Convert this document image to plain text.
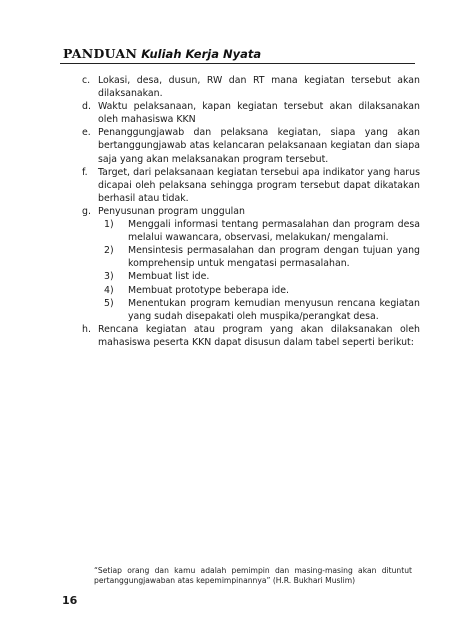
PANDUAN Kuliah Kerja Nyata
c. Lokasi, desa, dusun, RW dan RT mana kegiatan tersebut akan dilaksanakan.
d. Waktu pelaksanaan, kapan kegiatan tersebut akan dilaksanakan oleh mahasiswa KKN
e. Penanggungjawab dan pelaksana kegiatan, siapa yang akan bertanggungjawab atas kelancaran pelaksanaan kegiatan dan siapa saja yang akan melaksanakan program tersebut.
f. Target, dari pelaksanaan kegiatan tersebui apa indikator yang harus dicapai oleh pelaksana sehingga program tersebut dapat dikatakan berhasil atau tidak.
g. Penyusunan program unggulan
1) Menggali informasi tentang permasalahan dan program desa melalui wawancara, observasi, melakukan/ mengalami.
2) Mensintesis permasalahan dan program dengan tujuan yang komprehensip untuk mengatasi permasalahan.
3) Membuat list ide.
4) Membuat prototype beberapa ide.
5) Menentukan program kemudian menyusun rencana kegiatan yang sudah disepakati oleh muspika/perangkat desa.
h. Rencana kegiatan atau program yang akan dilaksanakan oleh mahasiswa peserta KKN dapat disusun dalam tabel seperti berikut:
“Setiap orang dan kamu adalah pemimpin dan masing-masing akan dituntut pertanggungjawaban atas kepemimpinannya” (H.R. Bukhari Muslim)
16
